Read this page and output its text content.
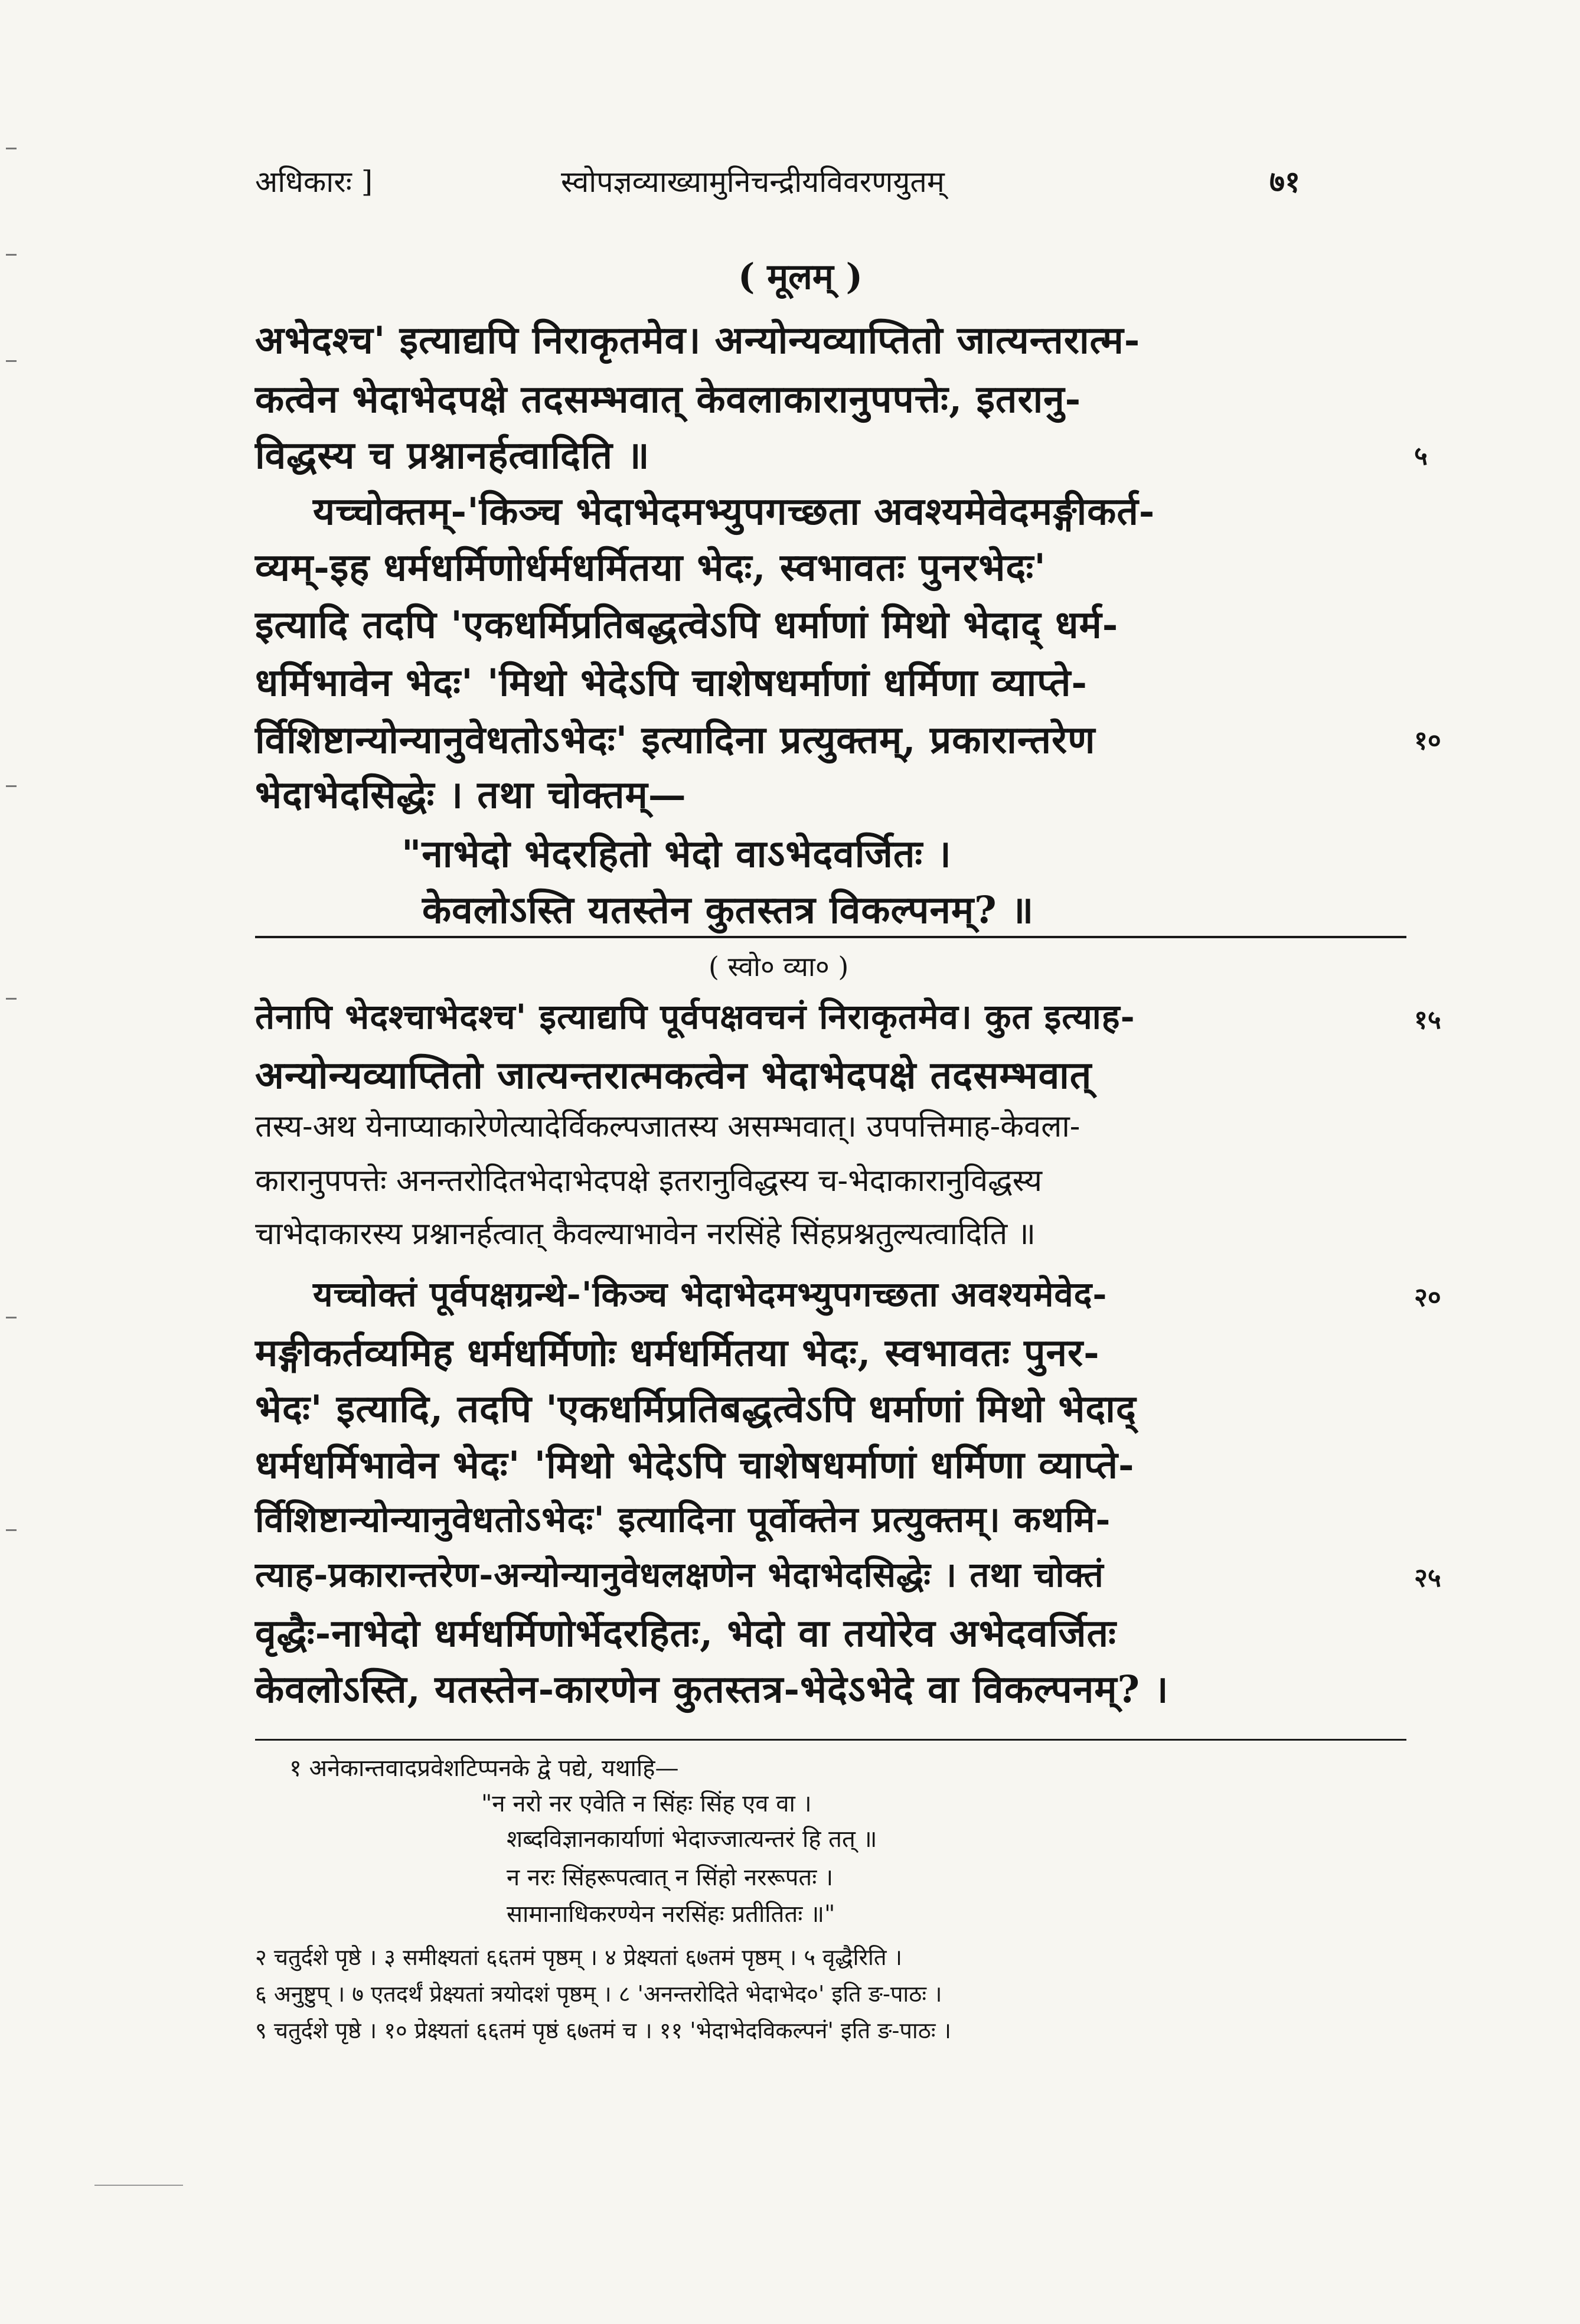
अधिकारः ]	स्वोपज्ञव्याख्यामुनिचन्द्रीयविवरणयुतम्	७१
( मूलम् )
अभेदश्च' इत्याद्यपि निराकृतमेव। अन्योन्यव्याप्तितो जात्यन्तरात्म-
कत्वेन भेदाभेदपक्षे तदसम्भवात् केवलाकारानुपपत्तेः, इतरानु-
विद्धस्य च प्रश्नानर्हत्वादिति ॥
यच्चोक्तम्-'किञ्च भेदाभेदमभ्युपगच्छता अवश्यमेवेदमङ्गीकर्त-
व्यम्-इह धर्मधर्मिणोर्धर्मधर्मितया भेदः, स्वभावतः पुनरभेदः'
इत्यादि तदपि 'एकधर्मिप्रतिबद्धत्वेऽपि धर्माणां मिथो भेदाद् धर्म-
धर्मिभावेन भेदः' 'मिथो भेदेऽपि चाशेषधर्माणां धर्मिणा व्याप्ते-
र्विशिष्टान्योन्यानुवेधतोऽभेदः' इत्यादिना प्रत्युक्तम्, प्रकारान्तरेण
भेदाभेदसिद्धेः । तथा चोक्तम्—
"नाभेदो भेदरहितो भेदो वाऽभेदवर्जितः ।
केवलोऽस्ति यतस्तेन कुतस्तत्र विकल्पनम्? ॥
( स्वो० व्या० )
तेनापि भेदश्चाभेदश्च' इत्याद्यपि पूर्वपक्षवचनं निराकृतमेव। कुत इत्याह-
अन्योन्यव्याप्तितो जात्यन्तरात्मकत्वेन भेदाभेदपक्षे तदसम्भवात्
तस्य-अथ येनाप्याकारेणेत्यादेर्विकल्पजातस्य असम्भवात्। उपपत्तिमाह-केवला-
कारानुपपत्तेः अनन्तरोदितभेदाभेदपक्षे इतरानुविद्धस्य च-भेदाकारानुविद्धस्य
चाभेदाकारस्य प्रश्नानर्हत्वात् कैवल्याभावेन नरसिंहे सिंहप्रश्नतुल्यत्वादिति ॥
यच्चोक्तं पूर्वपक्षग्रन्थे-'किञ्च भेदाभेदमभ्युपगच्छता अवश्यमेवेद-
मङ्गीकर्तव्यमिह धर्मधर्मिणोः धर्मधर्मितया भेदः, स्वभावतः पुनर-
भेदः' इत्यादि, तदपि 'एकधर्मिप्रतिबद्धत्वेऽपि धर्माणां मिथो भेदाद्
धर्मधर्मिभावेन भेदः' 'मिथो भेदेऽपि चाशेषधर्माणां धर्मिणा व्याप्ते-
र्विशिष्टान्योन्यानुवेधतोऽभेदः' इत्यादिना पूर्वोक्तेन प्रत्युक्तम्। कथमि-
त्याह-प्रकारान्तरेण-अन्योन्यानुवेधलक्षणेन भेदाभेदसिद्धेः । तथा चोक्तं
वृद्धैः-नाभेदो धर्मधर्मिणोर्भेदरहितः, भेदो वा तयोरेव अभेदवर्जितः
केवलोऽस्ति, यतस्तेन-कारणेन कुतस्तत्र-भेदेऽभेदे वा विकल्पनम्? ।
५
१०
१५
२०
२५
१ अनेकान्तवादप्रवेशटिप्पनके द्वे पद्ये, यथाहि—
"न नरो नर एवेति न सिंहः सिंह एव वा ।
शब्दविज्ञानकार्याणां भेदाज्जात्यन्तरं हि तत् ॥
न नरः सिंहरूपत्वात् न सिंहो नररूपतः ।
सामानाधिकरण्येन नरसिंहः प्रतीतितः ॥"
२ चतुर्दशे पृष्ठे । ३ समीक्ष्यतां ६६तमं पृष्ठम् । ४ प्रेक्ष्यतां ६७तमं पृष्ठम् । ५ वृद्धैरिति ।
६ अनुष्टुप् । ७ एतदर्थं प्रेक्ष्यतां त्रयोदशं पृष्ठम् । ८ 'अनन्तरोदिते भेदाभेद०' इति ङ-पाठः ।
९ चतुर्दशे पृष्ठे । १० प्रेक्ष्यतां ६६तमं पृष्ठं ६७तमं च । ११ 'भेदाभेदविकल्पनं' इति ङ-पाठः ।
